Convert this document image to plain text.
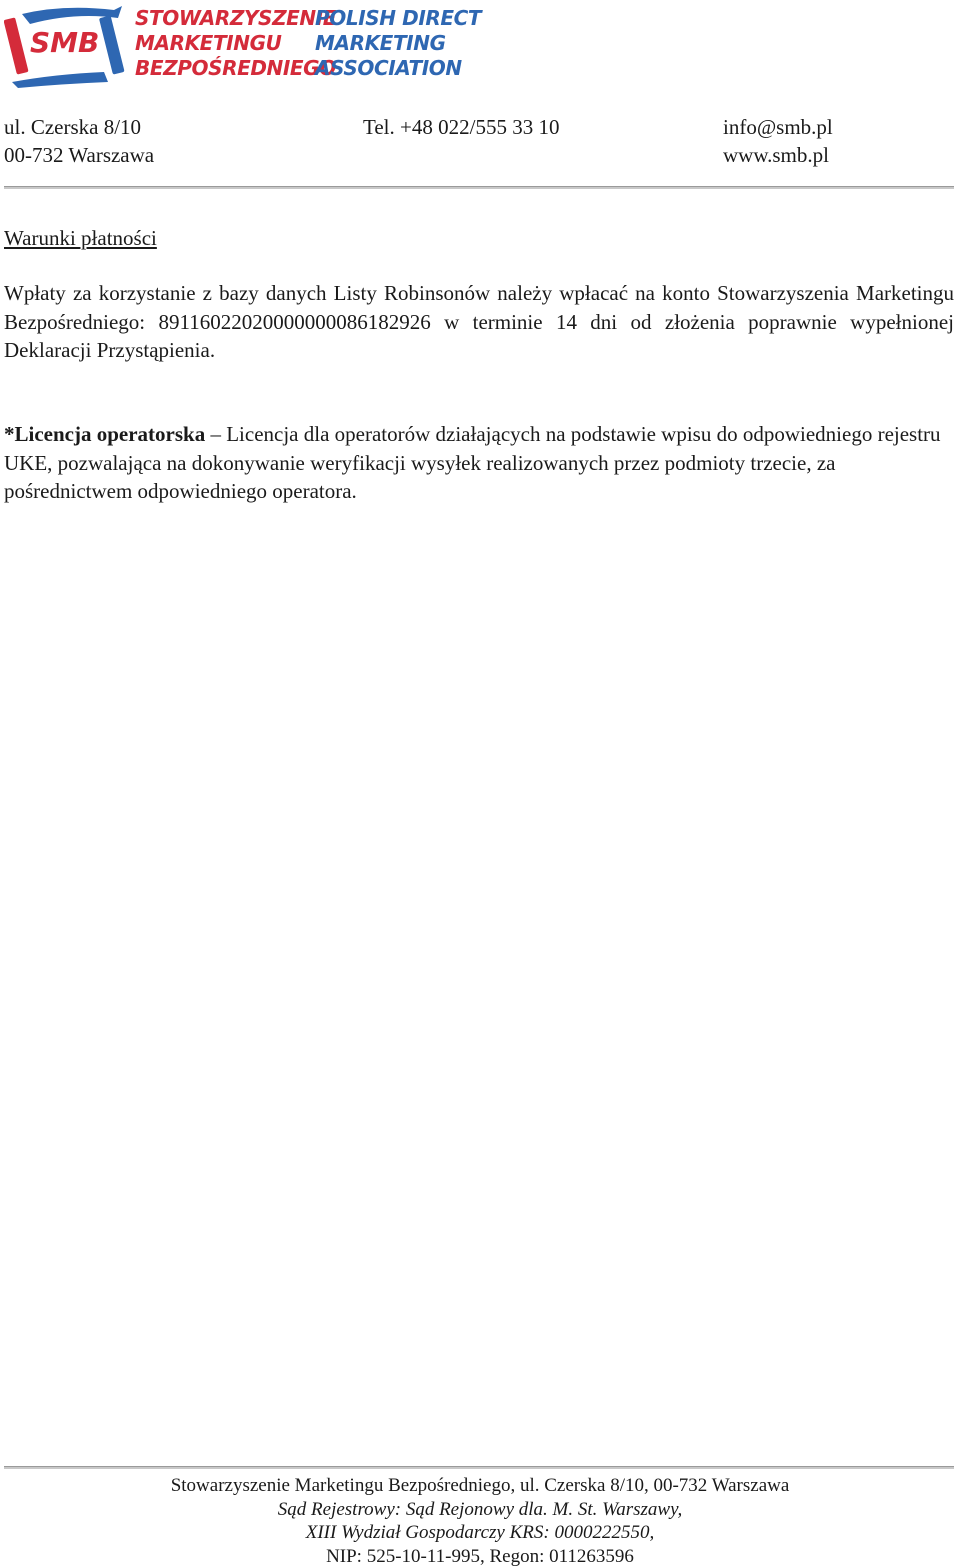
SMB
STOWARZYSZENIE
MARKETINGU
BEZPOŚREDNIEGO
POLISH DIRECT
MARKETING
ASSOCIATION
ul. Czerska 8/10
00-732 Warszawa
Tel. +48 022/555 33 10	info@smb.pl
www.smb.pl
Warunki płatności
Wpłaty za korzystanie z bazy danych Listy Robinsonów należy wpłacać na konto Stowarzyszenia Marketingu Bezpośredniego: 89116022020000000086182926 w terminie 14 dni od złożenia poprawnie wypełnionej Deklaracji Przystąpienia.
*Licencja operatorska – Licencja dla operatorów działających na podstawie wpisu do odpowiedniego rejestru UKE, pozwalająca na dokonywanie weryfikacji wysyłek realizowanych przez podmioty trzecie, za pośrednictwem odpowiedniego operatora.
Stowarzyszenie Marketingu Bezpośredniego, ul. Czerska 8/10, 00-732 Warszawa
Sąd Rejestrowy: Sąd Rejonowy dla. M. St. Warszawy,
XIII Wydział Gospodarczy KRS: 0000222550,
NIP: 525-10-11-995, Regon: 011263596
